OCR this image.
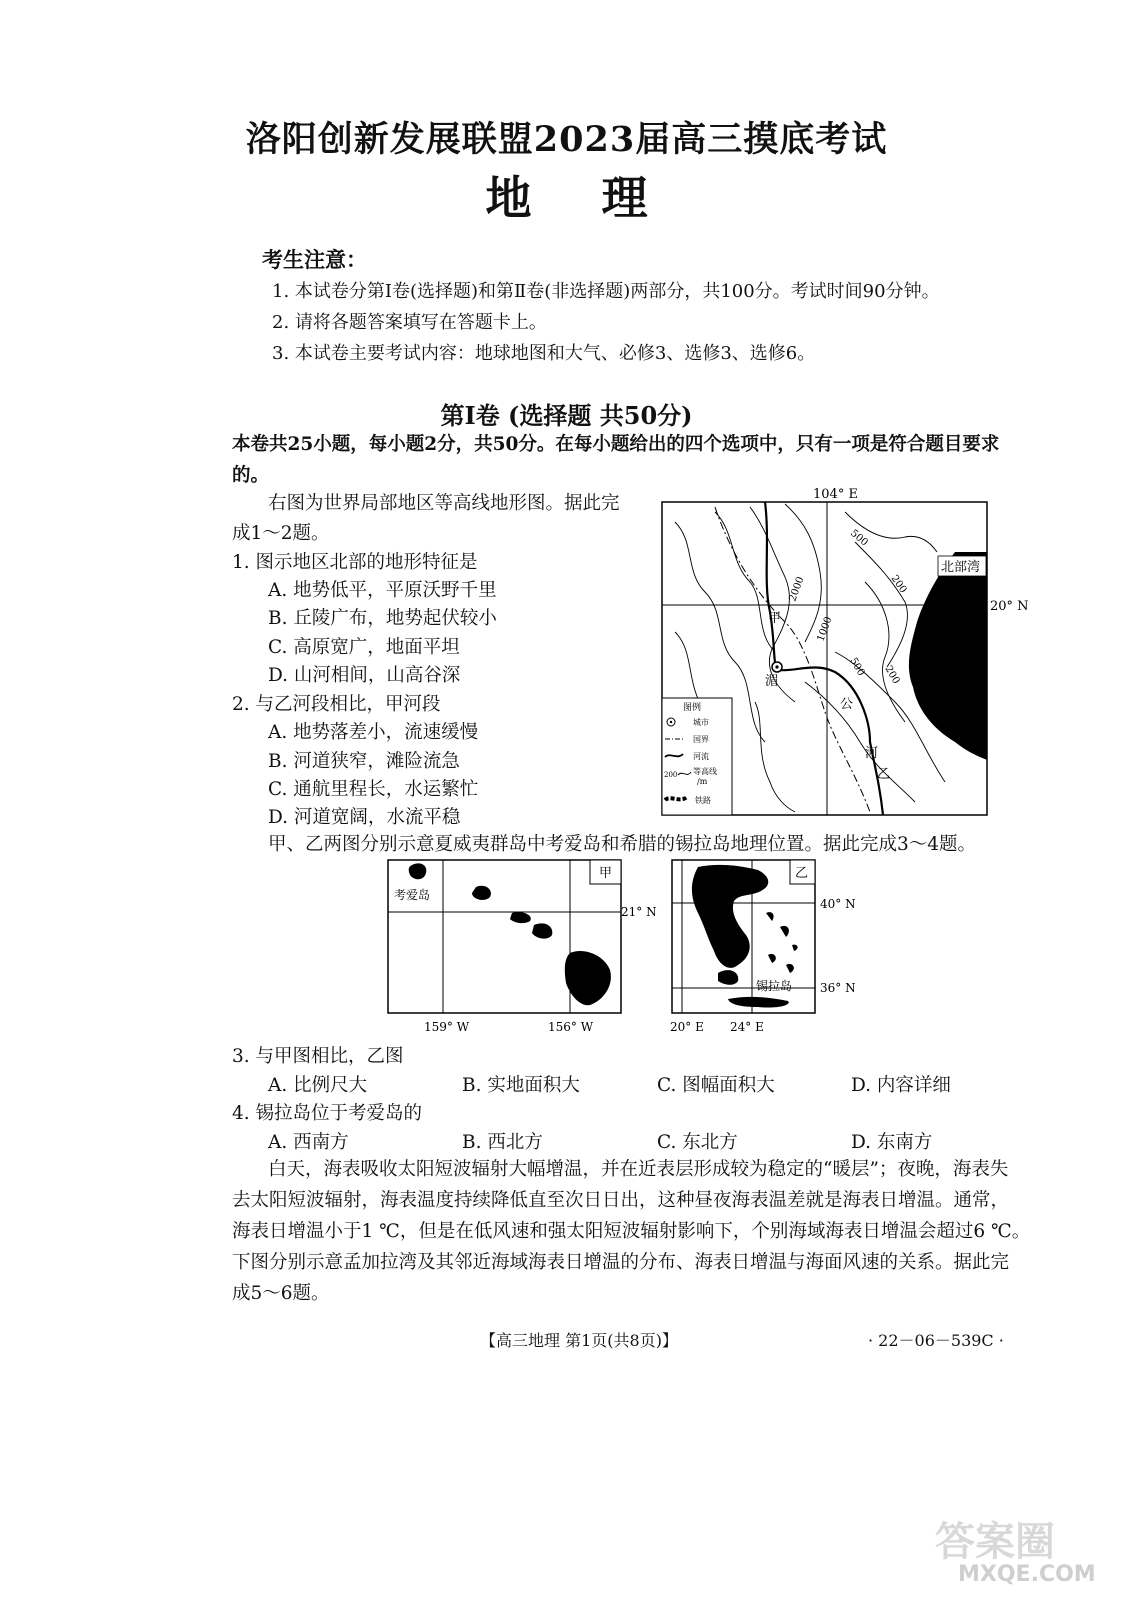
洛阳创新发展联盟2023届高三摸底考试
地理
考生注意：
1. 本试卷分第Ⅰ卷(选择题)和第Ⅱ卷(非选择题)两部分，共100分。考试时间90分钟。
2. 请将各题答案填写在答题卡上。
3. 本试卷主要考试内容：地球地图和大气、必修3、选修3、选修6。
第Ⅰ卷 (选择题 共50分)
本卷共25小题，每小题2分，共50分。在每小题给出的四个选项中，只有一项是符合题目要求的。
右图为世界局部地区等高线地形图。据此完
成1～2题。
1. 图示地区北部的地形特征是
A. 地势低平，平原沃野千里
B. 丘陵广布，地势起伏较小
C. 高原宽广，地面平坦
D. 山河相间，山高谷深
2. 与乙河段相比，甲河段
A. 地势落差小，流速缓慢
B. 河道狭窄，滩险流急
C. 通航里程长，水运繁忙
D. 河道宽阔，水流平稳
104° E
20° N
北部湾
500
200
2000
1000
500 200
甲
湄
公
河
乙
图例
城市
国界
河流
200 等高线
/m
铁路
甲、乙两图分别示意夏威夷群岛中考爱岛和希腊的锡拉岛地理位置。据此完成3～4题。
甲
考爱岛
21° N
159° W	156° W
乙
锡拉岛
40° N
36° N
20° E 24° E
3. 与甲图相比，乙图
A. 比例尺大	B. 实地面积大	C. 图幅面积大	D. 内容详细
4. 锡拉岛位于考爱岛的
A. 西南方	B. 西北方	C. 东北方	D. 东南方
白天，海表吸收太阳短波辐射大幅增温，并在近表层形成较为稳定的“暖层”；夜晚，海表失
去太阳短波辐射，海表温度持续降低直至次日日出，这种昼夜海表温差就是海表日增温。通常，
海表日增温小于1 ℃，但是在低风速和强太阳短波辐射影响下，个别海域海表日增温会超过6 ℃。
下图分别示意孟加拉湾及其邻近海域海表日增温的分布、海表日增温与海面风速的关系。据此完
成5～6题。
【高三地理 第1页(共8页)】	· 22－06－539C ·
答案圈
MXQE.COM
